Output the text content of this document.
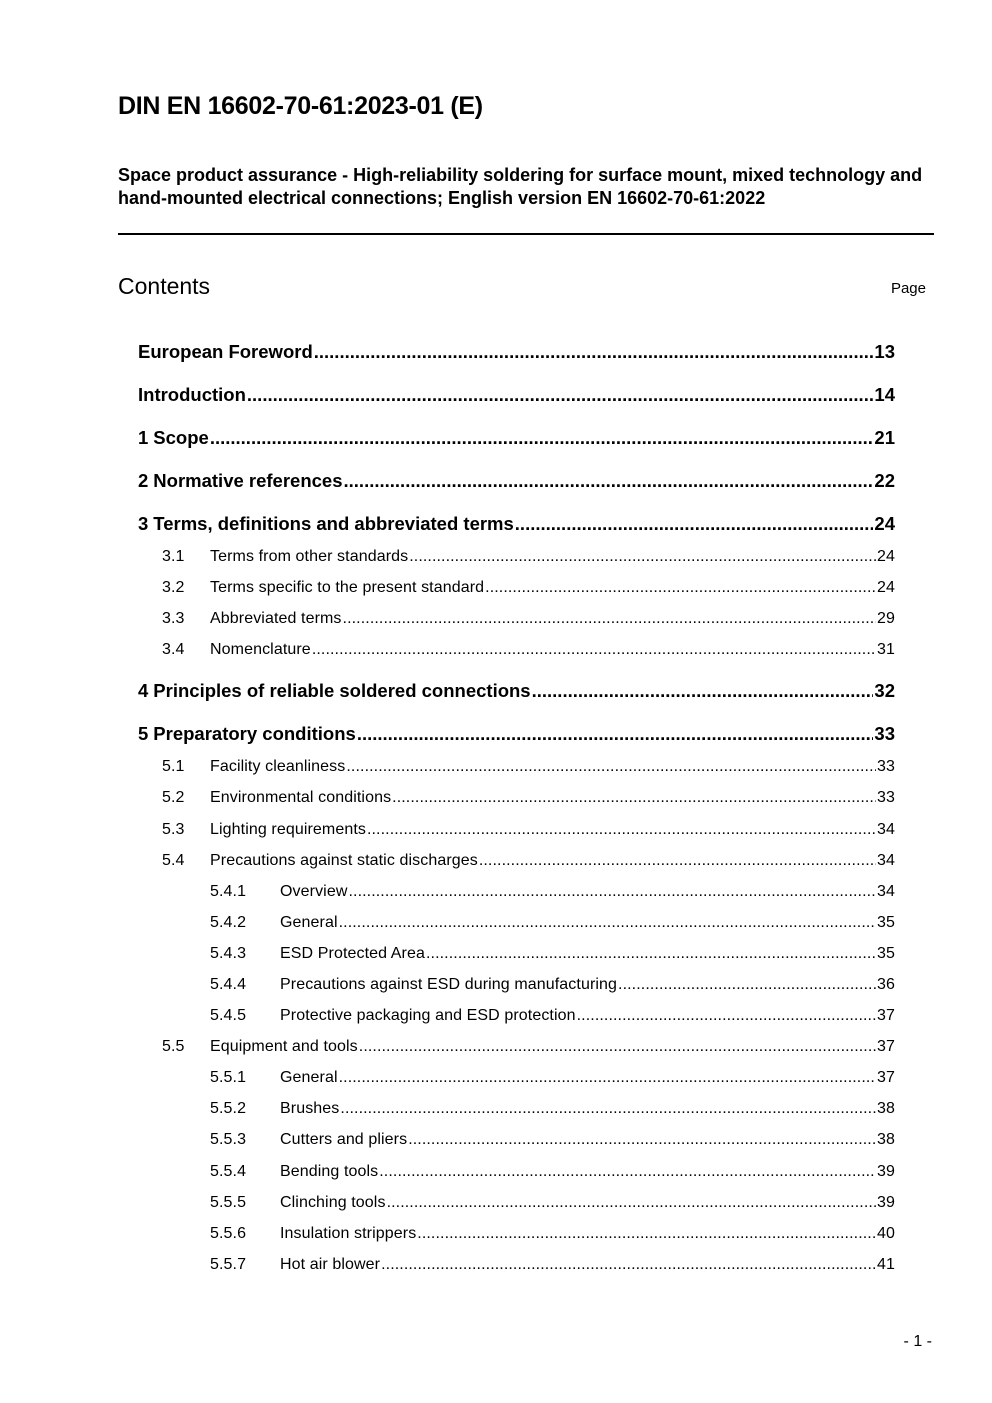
DIN EN 16602-70-61:2023-01 (E)
Space product assurance - High-reliability soldering for surface mount, mixed technology and hand-mounted electrical connections; English version EN 16602-70-61:2022
Contents	Page
European Foreword .....	13
Introduction .....	14
1 Scope .....	21
2 Normative references .....	22
3 Terms, definitions and abbreviated terms .....	24
3.1	Terms from other standards .....	24
3.2	Terms specific to the present standard .....	24
3.3	Abbreviated terms .....	29
3.4	Nomenclature .....	31
4 Principles of reliable soldered connections .....	32
5 Preparatory conditions .....	33
5.1	Facility cleanliness .....	33
5.2	Environmental conditions .....	33
5.3	Lighting requirements .....	34
5.4	Precautions against static discharges .....	34
5.4.1	Overview .....	34
5.4.2	General .....	35
5.4.3	ESD Protected Area .....	35
5.4.4	Precautions against ESD during manufacturing .....	36
5.4.5	Protective packaging and ESD protection .....	37
5.5	Equipment and tools .....	37
5.5.1	General .....	37
5.5.2	Brushes .....	38
5.5.3	Cutters and pliers .....	38
5.5.4	Bending tools .....	39
5.5.5	Clinching tools .....	39
5.5.6	Insulation strippers .....	40
5.5.7	Hot air blower .....	41
- 1 -
